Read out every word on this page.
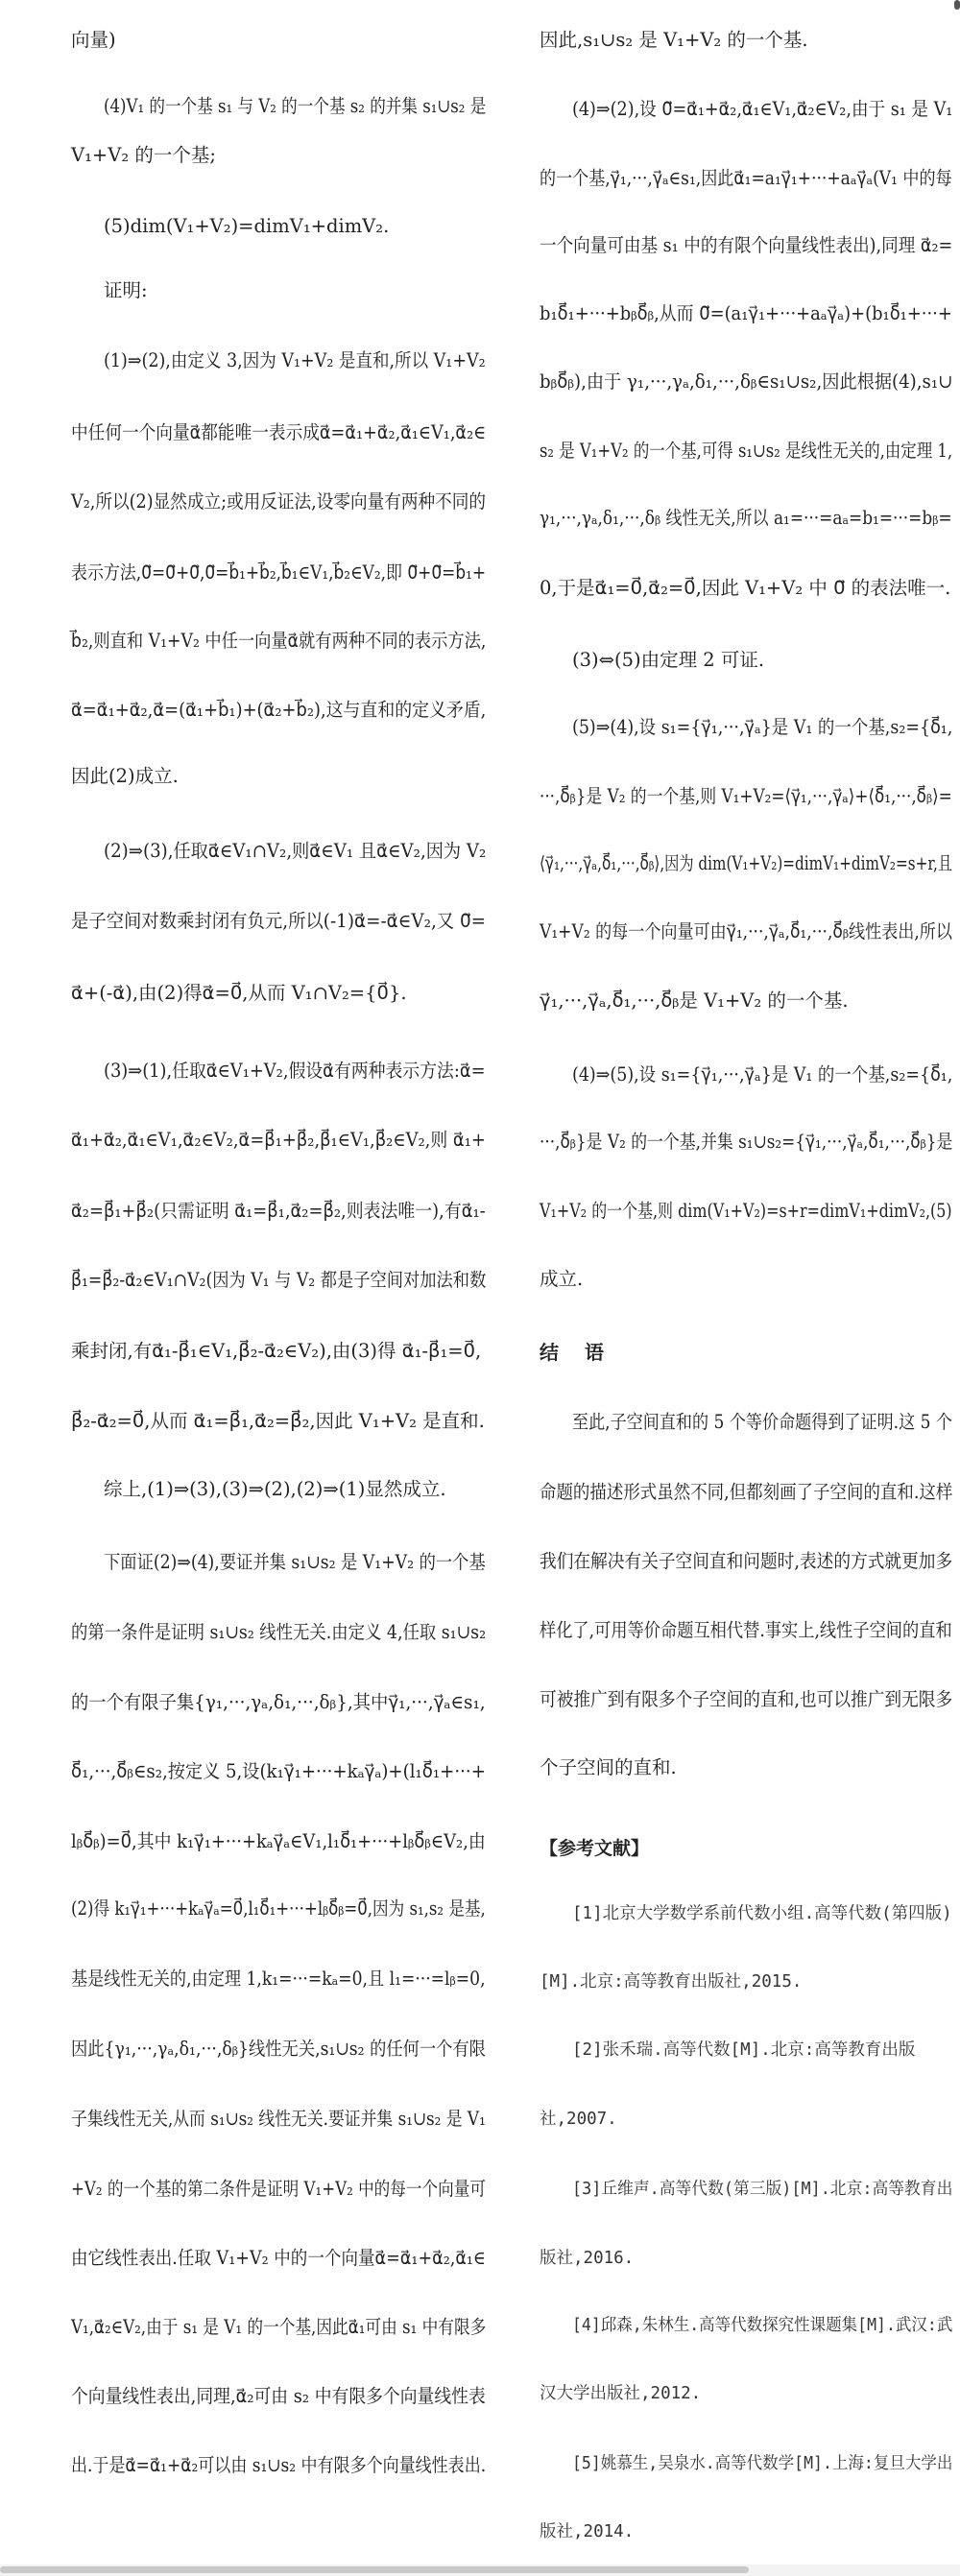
向量)
(4)V₁ 的一个基 s₁ 与 V₂ 的一个基 s₂ 的并集 s₁∪s₂ 是
V₁+V₂ 的一个基;
(5)dim(V₁+V₂)=dimV₁+dimV₂.
证明:
(1)⇒(2),由定义 3,因为 V₁+V₂ 是直和,所以 V₁+V₂
中任何一个向量α⃗都能唯一表示成α⃗=α⃗₁+α⃗₂,α⃗₁∈V₁,α⃗₂∈
V₂,所以(2)显然成立;或用反证法,设零向量有两种不同的
表示方法,0⃗=0⃗+0⃗,0⃗=b⃗₁+b⃗₂,b⃗₁∈V₁,b⃗₂∈V₂,即 0⃗+0⃗=b⃗₁+
b⃗₂,则直和 V₁+V₂ 中任一向量α⃗就有两种不同的表示方法,
α⃗=α⃗₁+α⃗₂,α⃗=(α⃗₁+b⃗₁)+(α⃗₂+b⃗₂),这与直和的定义矛盾,
因此(2)成立.
(2)⇒(3),任取α⃗∈V₁∩V₂,则α⃗∈V₁ 且α⃗∈V₂,因为 V₂
是子空间对数乘封闭有负元,所以(-1)α⃗=-α⃗∈V₂,又 0⃗=
α⃗+(-α⃗),由(2)得α⃗=0⃗,从而 V₁∩V₂={0⃗}.
(3)⇒(1),任取α⃗∈V₁+V₂,假设α⃗有两种表示方法:α⃗=
α⃗₁+α⃗₂,α⃗₁∈V₁,α⃗₂∈V₂,α⃗=β⃗₁+β⃗₂,β⃗₁∈V₁,β⃗₂∈V₂,则 α⃗₁+
α⃗₂=β⃗₁+β⃗₂(只需证明 α⃗₁=β⃗₁,α⃗₂=β⃗₂,则表法唯一),有α⃗₁-
β⃗₁=β⃗₂-α⃗₂∈V₁∩V₂(因为 V₁ 与 V₂ 都是子空间对加法和数
乘封闭,有α⃗₁-β⃗₁∈V₁,β⃗₂-α⃗₂∈V₂),由(3)得 α⃗₁-β⃗₁=0⃗,
β⃗₂-α⃗₂=0⃗,从而 α⃗₁=β⃗₁,α⃗₂=β⃗₂,因此 V₁+V₂ 是直和.
综上,(1)⇒(3),(3)⇒(2),(2)⇒(1)显然成立.
下面证(2)⇒(4),要证并集 s₁∪s₂ 是 V₁+V₂ 的一个基
的第一条件是证明 s₁∪s₂ 线性无关.由定义 4,任取 s₁∪s₂
的一个有限子集{γ₁,···,γₐ,δ₁,···,δᵦ},其中γ⃗₁,···,γ⃗ₐ∈s₁,
δ⃗₁,···,δ⃗ᵦ∈s₂,按定义 5,设(k₁γ⃗₁+···+kₐγ⃗ₐ)+(l₁δ⃗₁+···+
lᵦδ⃗ᵦ)=0⃗,其中 k₁γ⃗₁+···+kₐγ⃗ₐ∈V₁,l₁δ⃗₁+···+lᵦδ⃗ᵦ∈V₂,由
(2)得 k₁γ⃗₁+···+kₐγ⃗ₐ=0⃗,l₁δ⃗₁+···+lᵦδ⃗ᵦ=0⃗,因为 s₁,s₂ 是基,
基是线性无关的,由定理 1,k₁=···=kₐ=0,且 l₁=···=lᵦ=0,
因此{γ₁,···,γₐ,δ₁,···,δᵦ}线性无关,s₁∪s₂ 的任何一个有限
子集线性无关,从而 s₁∪s₂ 线性无关.要证并集 s₁∪s₂ 是 V₁
+V₂ 的一个基的第二条件是证明 V₁+V₂ 中的每一个向量可
由它线性表出.任取 V₁+V₂ 中的一个向量α⃗=α⃗₁+α⃗₂,α⃗₁∈
V₁,α⃗₂∈V₂,由于 s₁ 是 V₁ 的一个基,因此α⃗₁可由 s₁ 中有限多
个向量线性表出,同理,α⃗₂可由 s₂ 中有限多个向量线性表
出.于是α⃗=α⃗₁+α⃗₂可以由 s₁∪s₂ 中有限多个向量线性表出.
因此,s₁∪s₂ 是 V₁+V₂ 的一个基.
(4)⇒(2),设 0⃗=α⃗₁+α⃗₂,α⃗₁∈V₁,α⃗₂∈V₂,由于 s₁ 是 V₁
的一个基,γ⃗₁,···,γ⃗ₐ∈s₁,因此α⃗₁=a₁γ⃗₁+···+aₐγ⃗ₐ(V₁ 中的每
一个向量可由基 s₁ 中的有限个向量线性表出),同理 α⃗₂=
b₁δ⃗₁+···+bᵦδ⃗ᵦ,从而 0⃗=(a₁γ⃗₁+···+aₐγ⃗ₐ)+(b₁δ⃗₁+···+
bᵦδ⃗ᵦ),由于 γ₁,···,γₐ,δ₁,···,δᵦ∈s₁∪s₂,因此根据(4),s₁∪
s₂ 是 V₁+V₂ 的一个基,可得 s₁∪s₂ 是线性无关的,由定理 1,
γ₁,···,γₐ,δ₁,···,δᵦ 线性无关,所以 a₁=···=aₐ=b₁=···=bᵦ=
0,于是α⃗₁=0⃗,α⃗₂=0⃗,因此 V₁+V₂ 中 0⃗ 的表法唯一.
(3)⇔(5)由定理 2 可证.
(5)⇒(4),设 s₁={γ⃗₁,···,γ⃗ₐ}是 V₁ 的一个基,s₂={δ⃗₁,
···,δ⃗ᵦ}是 V₂ 的一个基,则 V₁+V₂=⟨γ⃗₁,···,γ⃗ₐ⟩+⟨δ⃗₁,···,δ⃗ᵦ⟩=
⟨γ⃗₁,···,γ⃗ₐ,δ⃗₁,···,δ⃗ᵦ⟩,因为 dim(V₁+V₂)=dimV₁+dimV₂=s+r,且
V₁+V₂ 的每一个向量可由γ⃗₁,···,γ⃗ₐ,δ⃗₁,···,δ⃗ᵦ线性表出,所以
γ⃗₁,···,γ⃗ₐ,δ⃗₁,···,δ⃗ᵦ是 V₁+V₂ 的一个基.
(4)⇒(5),设 s₁={γ⃗₁,···,γ⃗ₐ}是 V₁ 的一个基,s₂={δ⃗₁,
···,δ⃗ᵦ}是 V₂ 的一个基,并集 s₁∪s₂={γ⃗₁,···,γ⃗ₐ,δ⃗₁,···,δ⃗ᵦ}是
V₁+V₂ 的一个基,则 dim(V₁+V₂)=s+r=dimV₁+dimV₂,(5)
成立.
结 语
至此,子空间直和的 5 个等价命题得到了证明.这 5 个
命题的描述形式虽然不同,但都刻画了子空间的直和.这样
我们在解决有关子空间直和问题时,表述的方式就更加多
样化了,可用等价命题互相代替.事实上,线性子空间的直和
可被推广到有限多个子空间的直和,也可以推广到无限多
个子空间的直和.
【参考文献】
[1]北京大学数学系前代数小组.高等代数(第四版)
[M].北京:高等教育出版社,2015.
[2]张禾瑞.高等代数[M].北京:高等教育出版
社,2007.
[3]丘维声.高等代数(第三版)[M].北京:高等教育出
版社,2016.
[4]邱森,朱林生.高等代数探究性课题集[M].武汉:武
汉大学出版社,2012.
[5]姚慕生,吴泉水.高等代数学[M].上海:复旦大学出
版社,2014.
